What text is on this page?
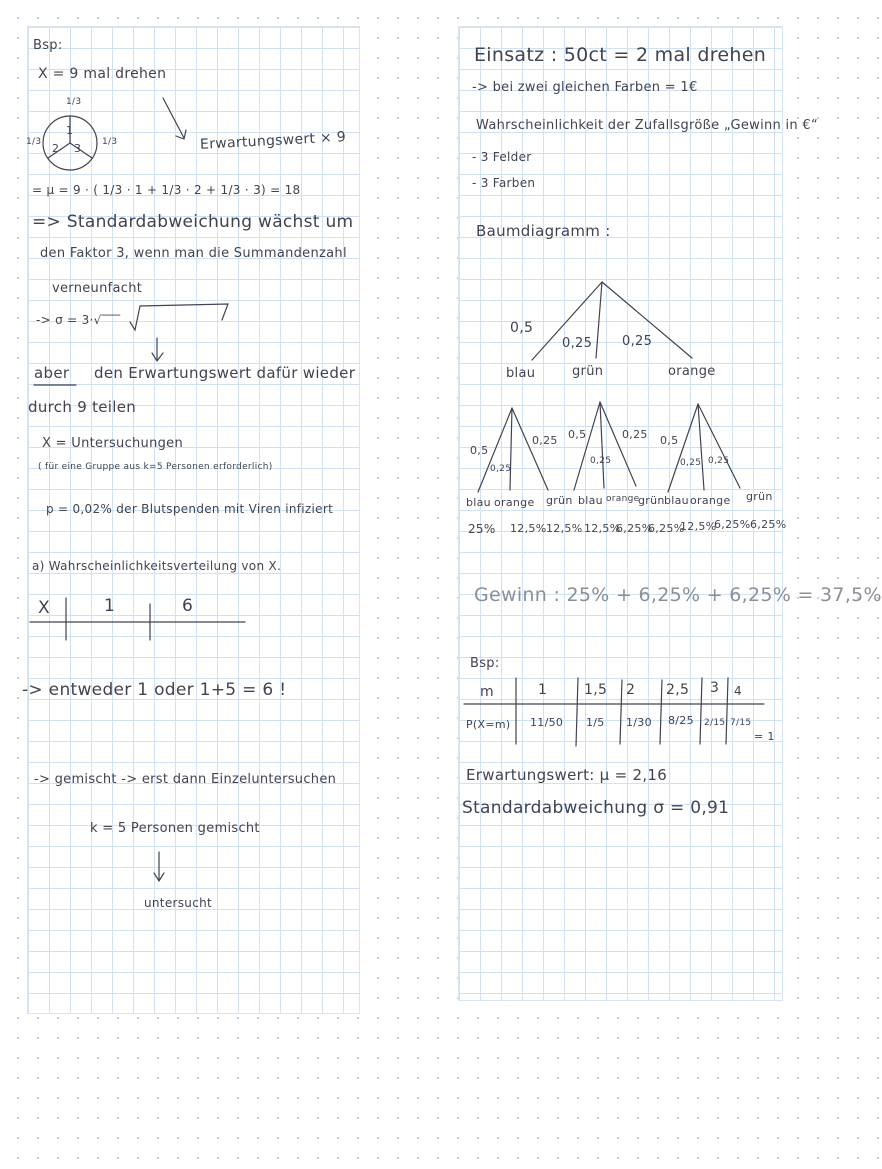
Bsp:
X = 9 mal drehen
1/3
1/3	1/3
1
2 3	Erwartungswert × 9
= μ = 9 · ( 1/3 · 1 + 1/3 · 2 + 1/3 · 3) = 18
=> Standardabweichung wächst um
den Faktor 3, wenn man die Summandenzahl
verneunfacht
-> σ = 3·√‾‾‾
aber den Erwartungswert dafür wieder
durch 9 teilen
X = Untersuchungen
( für eine Gruppe aus k=5 Personen erforderlich)
p = 0,02% der Blutspenden mit Viren infiziert
a) Wahrscheinlichkeitsverteilung von X.
X	1	6
-> entweder 1 oder 1+5 = 6 !
-> gemischt -> erst dann Einzeluntersuchen
k = 5 Personen gemischt
untersucht
Einsatz : 50ct = 2 mal drehen
-> bei zwei gleichen Farben = 1€
Wahrscheinlichkeit der Zufallsgröße „Gewinn in €“
- 3 Felder
- 3 Farben
Baumdiagramm :
0,5
0,25 0,25
blau	grün	orange
0,5
0,25
0,25 0,5
0,25
0,25 0,5
0,25 0,25
blau orange grün blau orange
grün blau orange grün
25% 12,5% 12,5% 12,5%
6,25%
6,25%
12,5%
6,25% 6,25%
Gewinn : 25% + 6,25% + 6,25% = 37,5%
Bsp:
m	1	1,5 2 2,5 3 4
P(X=m) 11/50 1/5 1/30 8/25 2/15 7/15
= 1
Erwartungswert: μ = 2,16
Standardabweichung σ = 0,91
